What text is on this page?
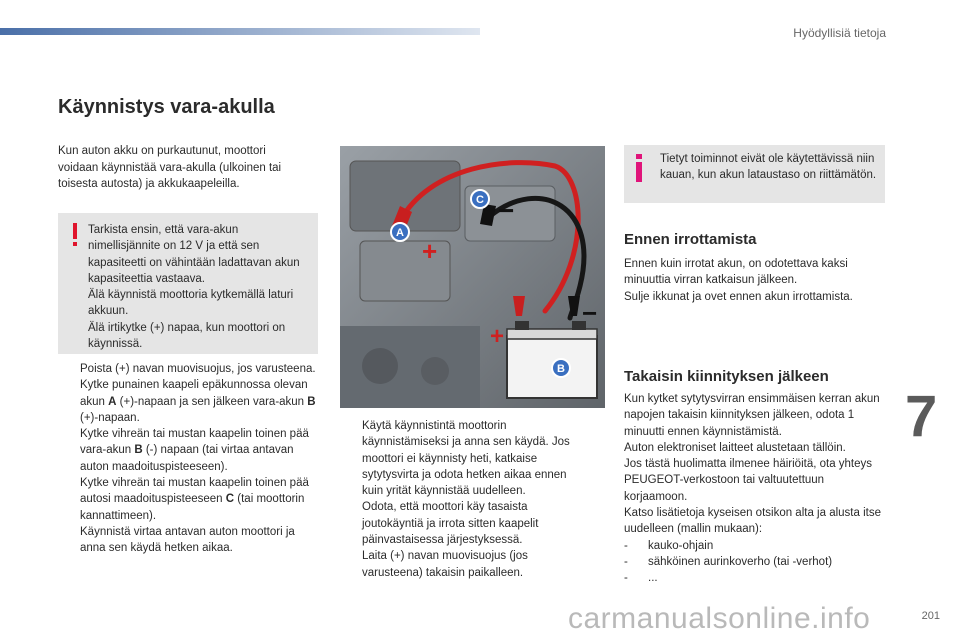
Hyödyllisiä tietoja
Käynnistys vara-akulla
Kun auton akku on purkautunut, moottori voidaan käynnistää vara-akulla (ulkoinen tai toisesta autosta) ja akkukaapeleilla.

Tarkista ensin, että vara-akun nimellisjännite on 12 V ja että sen kapasiteetti on vähintään ladattavan akun kapasiteettia vastaava.

Älä käynnistä moottoria kytkemällä laturi akkuun.

Älä irtikytke (+) napaa, kun moottori on käynnissä.

Poista (+) navan muovisuojus, jos varusteena.
Kytke punainen kaapeli epäkunnossa olevan akun A (+)-napaan ja sen jälkeen vara-akun B (+)-napaan.
Kytke vihreän tai mustan kaapelin toinen pää vara-akun B (-) napaan (tai virtaa antavan auton maadoituspisteeseen).
Kytke vihreän tai mustan kaapelin toinen pää autosi maadoituspisteeseen C (tai moottorin kannattimeen).
Käynnistä virtaa antavan auton moottori ja anna sen käydä hetken aikaa.
+
+
−
−
A
B
C
Käytä käynnistintä moottorin käynnistämiseksi ja anna sen käydä. Jos moottori ei käynnisty heti, katkaise sytytysvirta ja odota hetken aikaa ennen kuin yrität käynnistää uudelleen.
Odota, että moottori käy tasaista joutokäyntiä ja irrota sitten kaapelit päinvastaisessa järjestyksessä.
Laita (+) navan muovisuojus (jos varusteena) takaisin paikalleen.
Tietyt toiminnot eivät ole käytettävissä niin kauan, kun akun lataustaso on riittämätön.
Ennen irrottamista

Ennen kuin irrotat akun, on odotettava kaksi minuuttia virran katkaisun jälkeen.

Sulje ikkunat ja ovet ennen akun irrottamista.

Takaisin kiinnityksen jälkeen

Kun kytket sytytysvirran ensimmäisen kerran akun napojen takaisin kiinnityksen jälkeen, odota 1 minuutti ennen käynnistämistä.

Auton elektroniset laitteet alustetaan tällöin.

Jos tästä huolimatta ilmenee häiriöitä, ota yhteys PEUGEOT-verkostoon tai valtuutettuun korjaamoon.

Katso lisätietoja kyseisen otsikon alta ja alusta itse uudelleen (mallin mukaan):

- kauko-ohjain
- sähköinen aurinkoverho (tai -verhot)
- ...
7
carmanualsonline.info	201
